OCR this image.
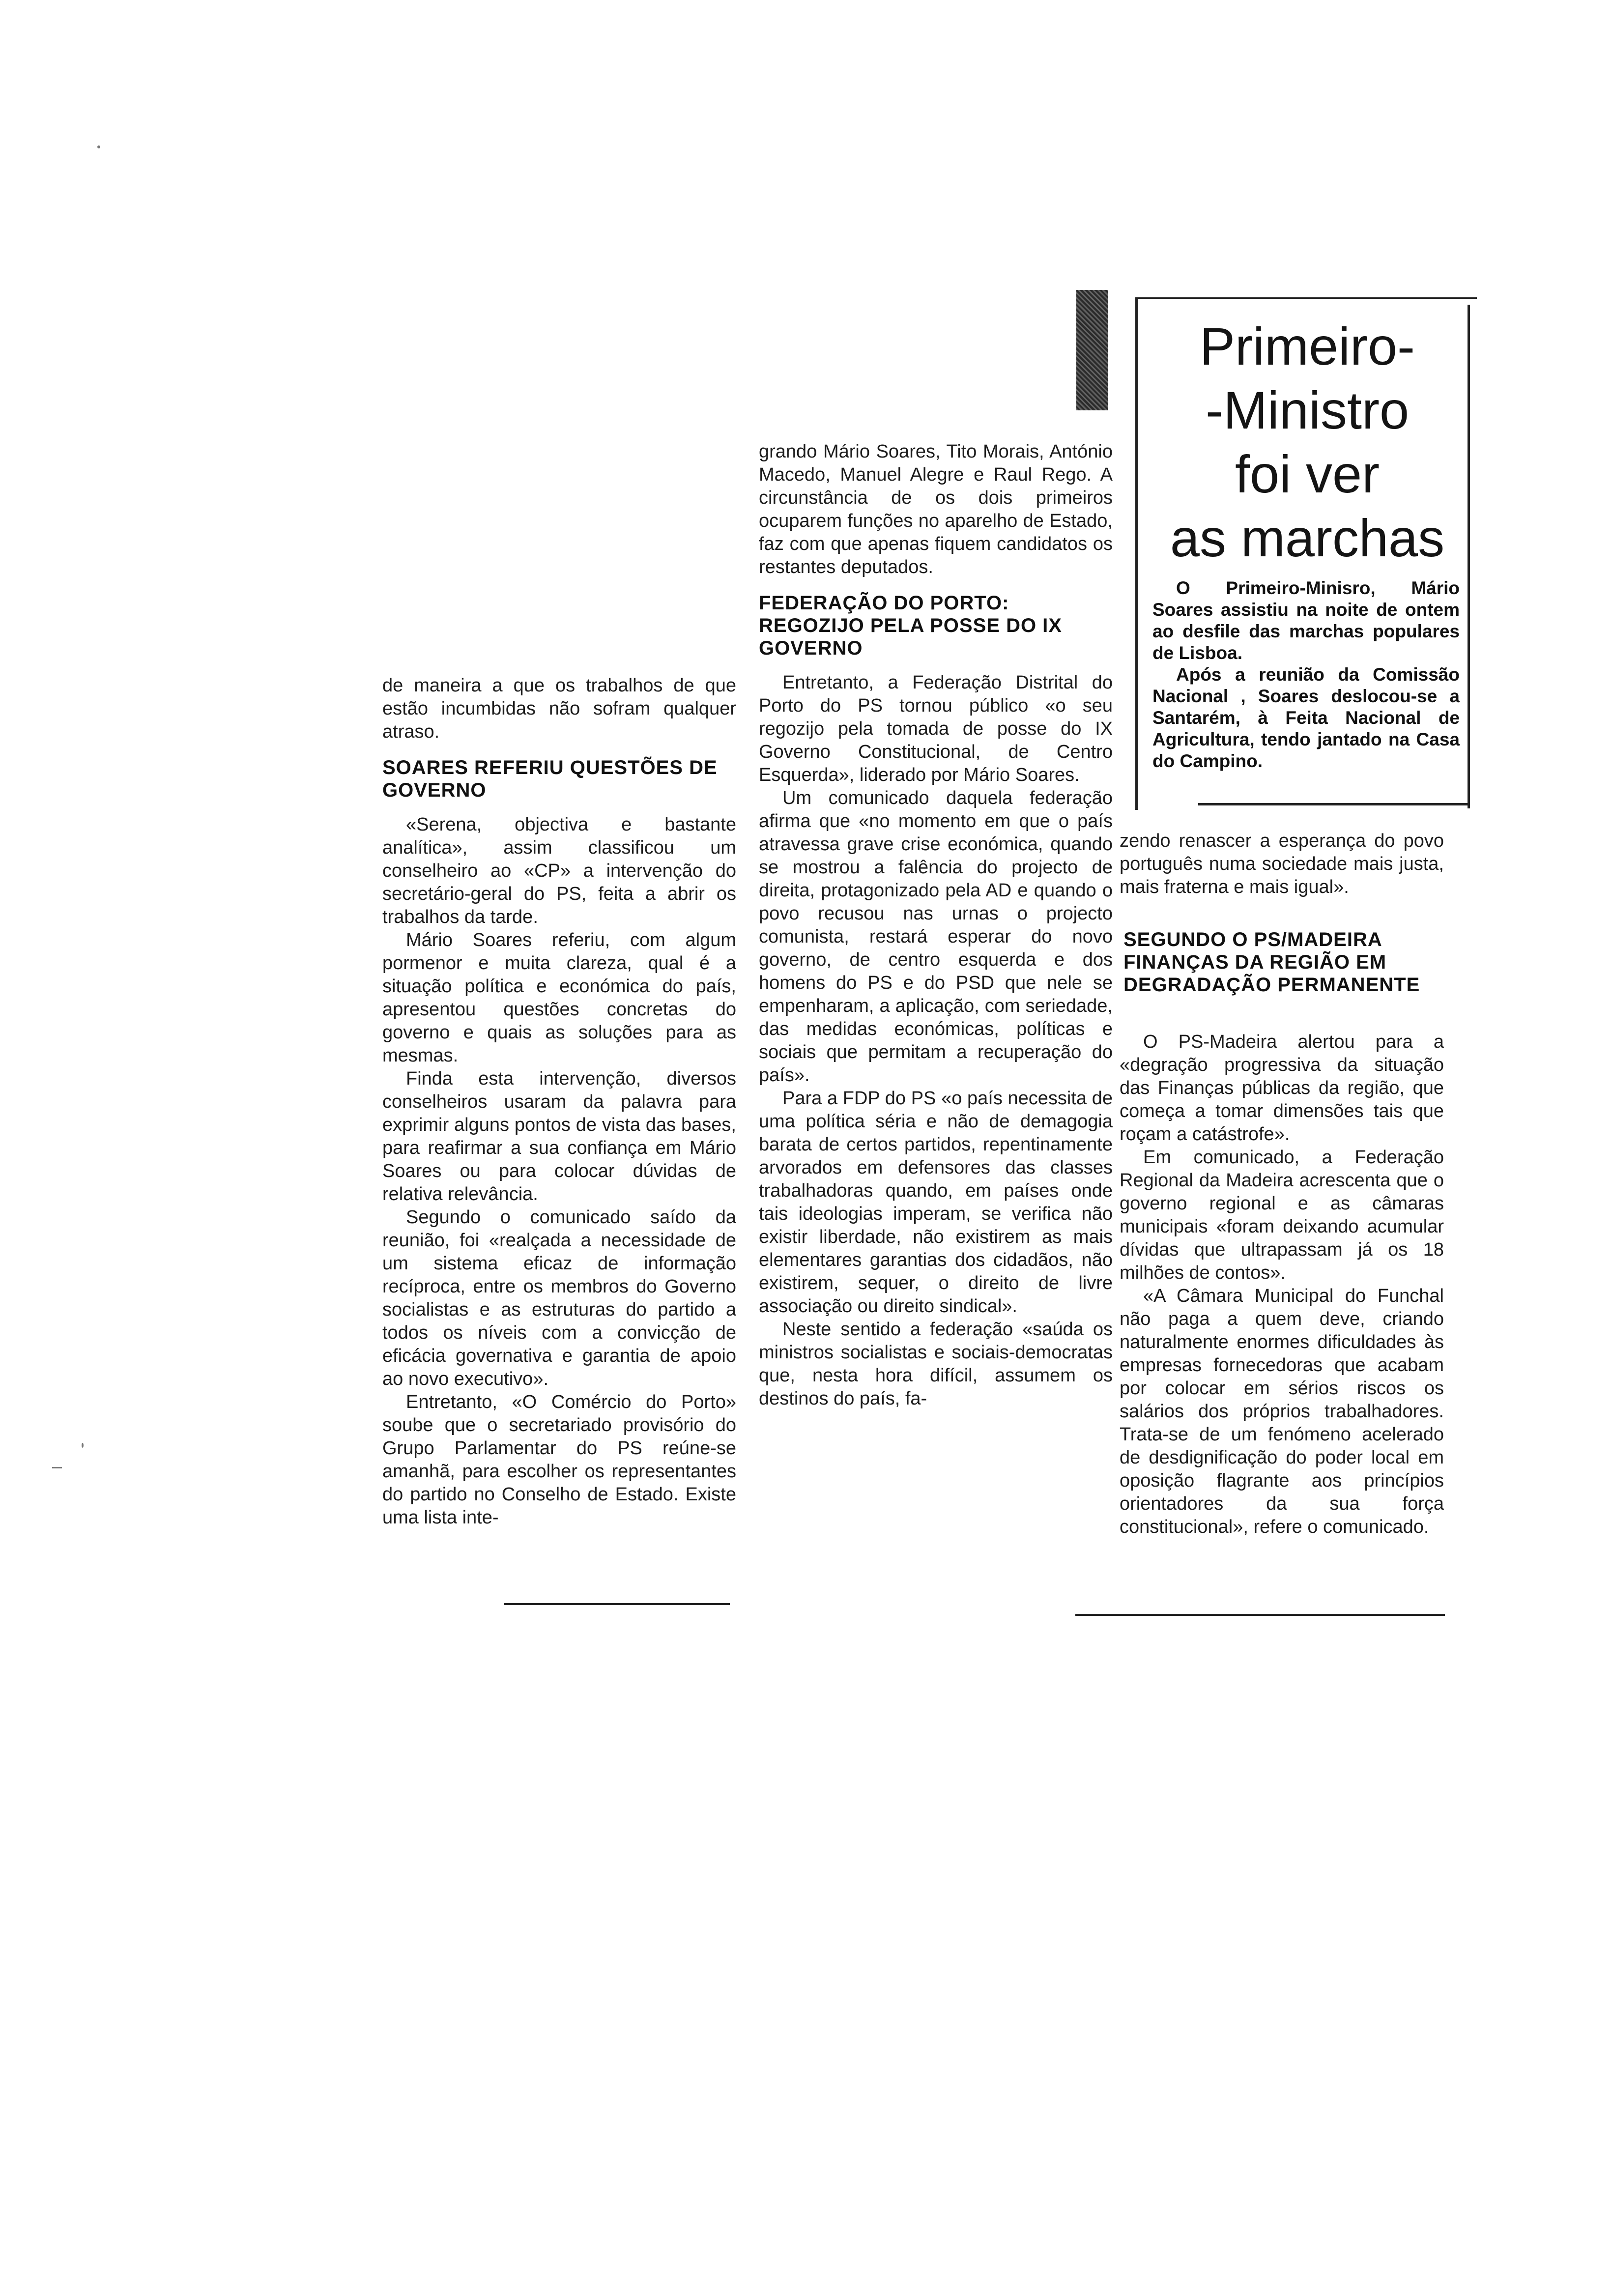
de maneira a que os trabalhos de que estão incumbidas não sofram qualquer atraso.

SOARES REFERIU QUESTÕES DE GOVERNO

«Serena, objectiva e bastante analítica», assim classificou um conselheiro ao «CP» a intervenção do secretário-geral do PS, feita a abrir os trabalhos da tarde.

Mário Soares referiu, com algum pormenor e muita clareza, qual é a situação política e económica do país, apresentou questões concretas do governo e quais as soluções para as mesmas.

Finda esta intervenção, diversos conselheiros usaram da palavra para exprimir alguns pontos de vista das bases, para reafirmar a sua confiança em Mário Soares ou para colocar dúvidas de relativa relevância.

Segundo o comunicado saído da reunião, foi «realçada a necessidade de um sistema eficaz de informação recíproca, entre os membros do Governo socialistas e as estruturas do partido a todos os níveis com a convicção de eficácia governativa e garantia de apoio ao novo executivo».

Entretanto, «O Comércio do Porto» soube que o secretariado provisório do Grupo Parlamentar do PS reúne-se amanhã, para escolher os representantes do partido no Conselho de Estado. Existe uma lista inte-

grando Mário Soares, Tito Morais, António Macedo, Manuel Alegre e Raul Rego. A circunstância de os dois primeiros ocuparem funções no aparelho de Estado, faz com que apenas fiquem candidatos os restantes deputados.

FEDERAÇÃO DO PORTO: REGOZIJO PELA POSSE DO IX GOVERNO

Entretanto, a Federação Distrital do Porto do PS tornou público «o seu regozijo pela tomada de posse do IX Governo Constitucional, de Centro Esquerda», liderado por Mário Soares.

Um comunicado daquela federação afirma que «no momento em que o país atravessa grave crise económica, quando se mostrou a falência do projecto de direita, protagonizado pela AD e quando o povo recusou nas urnas o projecto comunista, restará esperar do novo governo, de centro esquerda e dos homens do PS e do PSD que nele se empenharam, a aplicação, com seriedade, das medidas económicas, políticas e sociais que permitam a recuperação do país».

Para a FDP do PS «o país necessita de uma política séria e não de demagogia barata de certos partidos, repentinamente arvorados em defensores das classes trabalhadoras quando, em países onde tais ideologias imperam, se verifica não existir liberdade, não existirem as mais elementares garantias dos cidadãos, não existirem, sequer, o direito de livre associação ou direito sindical».

Neste sentido a federação «saúda os ministros socialistas e sociais-democratas que, nesta hora difícil, assumem os destinos do país, fa-

Primeiro-
-Ministro
foi ver
as marchas

O Primeiro-Minisro, Mário Soares assistiu na noite de ontem ao desfile das marchas populares de Lisboa.

Após a reunião da Comissão Nacional , Soares deslocou-se a Santarém, à Feita Nacional de Agricultura, tendo jantado na Casa do Campino.

zendo renascer a esperança do povo português numa sociedade mais justa, mais fraterna e mais igual».

SEGUNDO O PS/MADEIRA FINANÇAS DA REGIÃO EM DEGRADAÇÃO PERMANENTE

O PS-Madeira alertou para a «degração progressiva da situação das Finanças públicas da região, que começa a tomar dimensões tais que roçam a catástrofe».

Em comunicado, a Federação Regional da Madeira acrescenta que o governo regional e as câmaras municipais «foram deixando acumular dívidas que ultrapassam já os 18 milhões de contos».

«A Câmara Municipal do Funchal não paga a quem deve, criando naturalmente enormes dificuldades às empresas fornecedoras que acabam por colocar em sérios riscos os salários dos próprios trabalhadores. Trata-se de um fenómeno acelerado de desdignificação do poder local em oposição flagrante aos princípios orientadores da sua força constitucional», refere o comunicado.
